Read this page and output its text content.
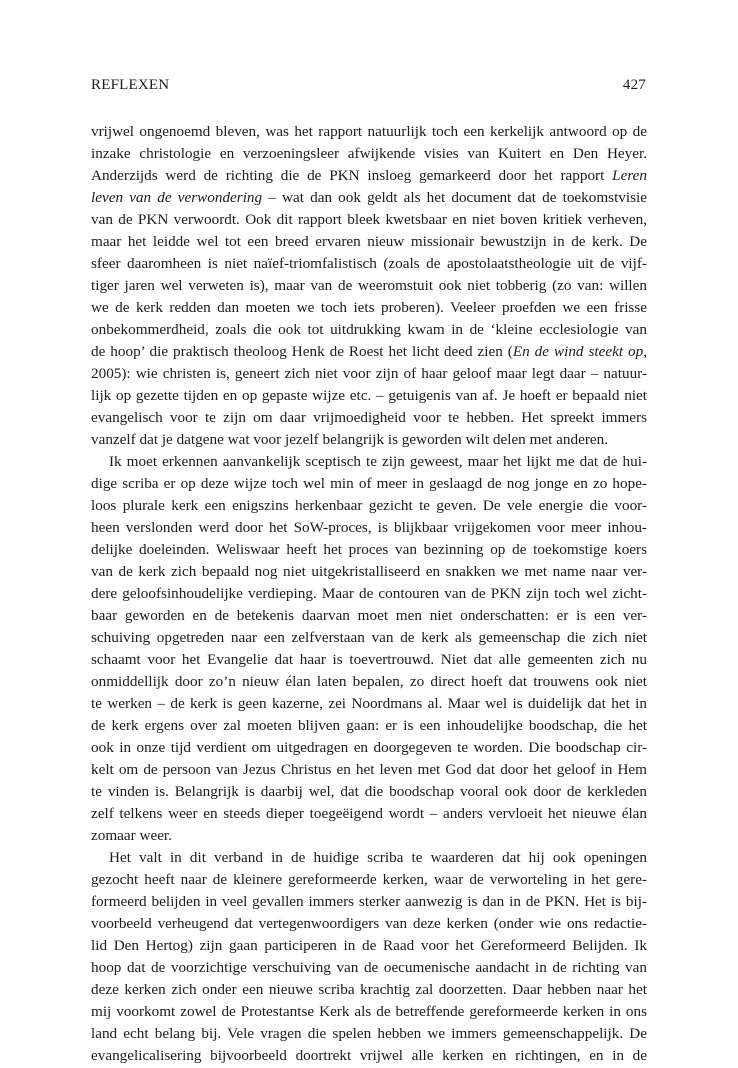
REFLEXEN	427
vrijwel ongenoemd bleven, was het rapport natuurlijk toch een kerkelijk antwoord op de
inzake christologie en verzoeningsleer afwijkende visies van Kuitert en Den Heyer.
Anderzijds werd de richting die de PKN insloeg gemarkeerd door het rapport Leren
leven van de verwondering – wat dan ook geldt als het document dat de toekomstvisie
van de PKN verwoordt. Ook dit rapport bleek kwetsbaar en niet boven kritiek verheven,
maar het leidde wel tot een breed ervaren nieuw missionair bewustzijn in de kerk. De
sfeer daaromheen is niet naïef-triomfalistisch (zoals de apostolaatstheologie uit de vijf-
tiger jaren wel verweten is), maar van de weeromstuit ook niet tobberig (zo van: willen
we de kerk redden dan moeten we toch iets proberen). Veeleer proefden we een frisse
onbekommerdheid, zoals die ook tot uitdrukking kwam in de ‘kleine ecclesiologie van
de hoop’ die praktisch theoloog Henk de Roest het licht deed zien (En de wind steekt op,
2005): wie christen is, geneert zich niet voor zijn of haar geloof maar legt daar – natuur-
lijk op gezette tijden en op gepaste wijze etc. – getuigenis van af. Je hoeft er bepaald niet
evangelisch voor te zijn om daar vrijmoedigheid voor te hebben. Het spreekt immers
vanzelf dat je datgene wat voor jezelf belangrijk is geworden wilt delen met anderen.
Ik moet erkennen aanvankelijk sceptisch te zijn geweest, maar het lijkt me dat de hui-
dige scriba er op deze wijze toch wel min of meer in geslaagd de nog jonge en zo hope-
loos plurale kerk een enigszins herkenbaar gezicht te geven. De vele energie die voor-
heen verslonden werd door het SoW-proces, is blijkbaar vrijgekomen voor meer inhou-
delijke doeleinden. Weliswaar heeft het proces van bezinning op de toekomstige koers
van de kerk zich bepaald nog niet uitgekristalliseerd en snakken we met name naar ver-
dere geloofsinhoudelijke verdieping. Maar de contouren van de PKN zijn toch wel zicht-
baar geworden en de betekenis daarvan moet men niet onderschatten: er is een ver-
schuiving opgetreden naar een zelfverstaan van de kerk als gemeenschap die zich niet
schaamt voor het Evangelie dat haar is toevertrouwd. Niet dat alle gemeenten zich nu
onmiddellijk door zo’n nieuw élan laten bepalen, zo direct hoeft dat trouwens ook niet
te werken – de kerk is geen kazerne, zei Noordmans al. Maar wel is duidelijk dat het in
de kerk ergens over zal moeten blijven gaan: er is een inhoudelijke boodschap, die het
ook in onze tijd verdient om uitgedragen en doorgegeven te worden. Die boodschap cir-
kelt om de persoon van Jezus Christus en het leven met God dat door het geloof in Hem
te vinden is. Belangrijk is daarbij wel, dat die boodschap vooral ook door de kerkleden
zelf telkens weer en steeds dieper toegeëigend wordt – anders vervloeit het nieuwe élan
zomaar weer.
Het valt in dit verband in de huidige scriba te waarderen dat hij ook openingen
gezocht heeft naar de kleinere gereformeerde kerken, waar de verworteling in het gere-
formeerd belijden in veel gevallen immers sterker aanwezig is dan in de PKN. Het is bij-
voorbeeld verheugend dat vertegenwoordigers van deze kerken (onder wie ons redactie-
lid Den Hertog) zijn gaan participeren in de Raad voor het Gereformeerd Belijden. Ik
hoop dat de voorzichtige verschuiving van de oecumenische aandacht in de richting van
deze kerken zich onder een nieuwe scriba krachtig zal doorzetten. Daar hebben naar het
mij voorkomt zowel de Protestantse Kerk als de betreffende gereformeerde kerken in ons
land echt belang bij. Vele vragen die spelen hebben we immers gemeenschappelijk. De
evangelicalisering bijvoorbeeld doortrekt vrijwel alle kerken en richtingen, en in de
